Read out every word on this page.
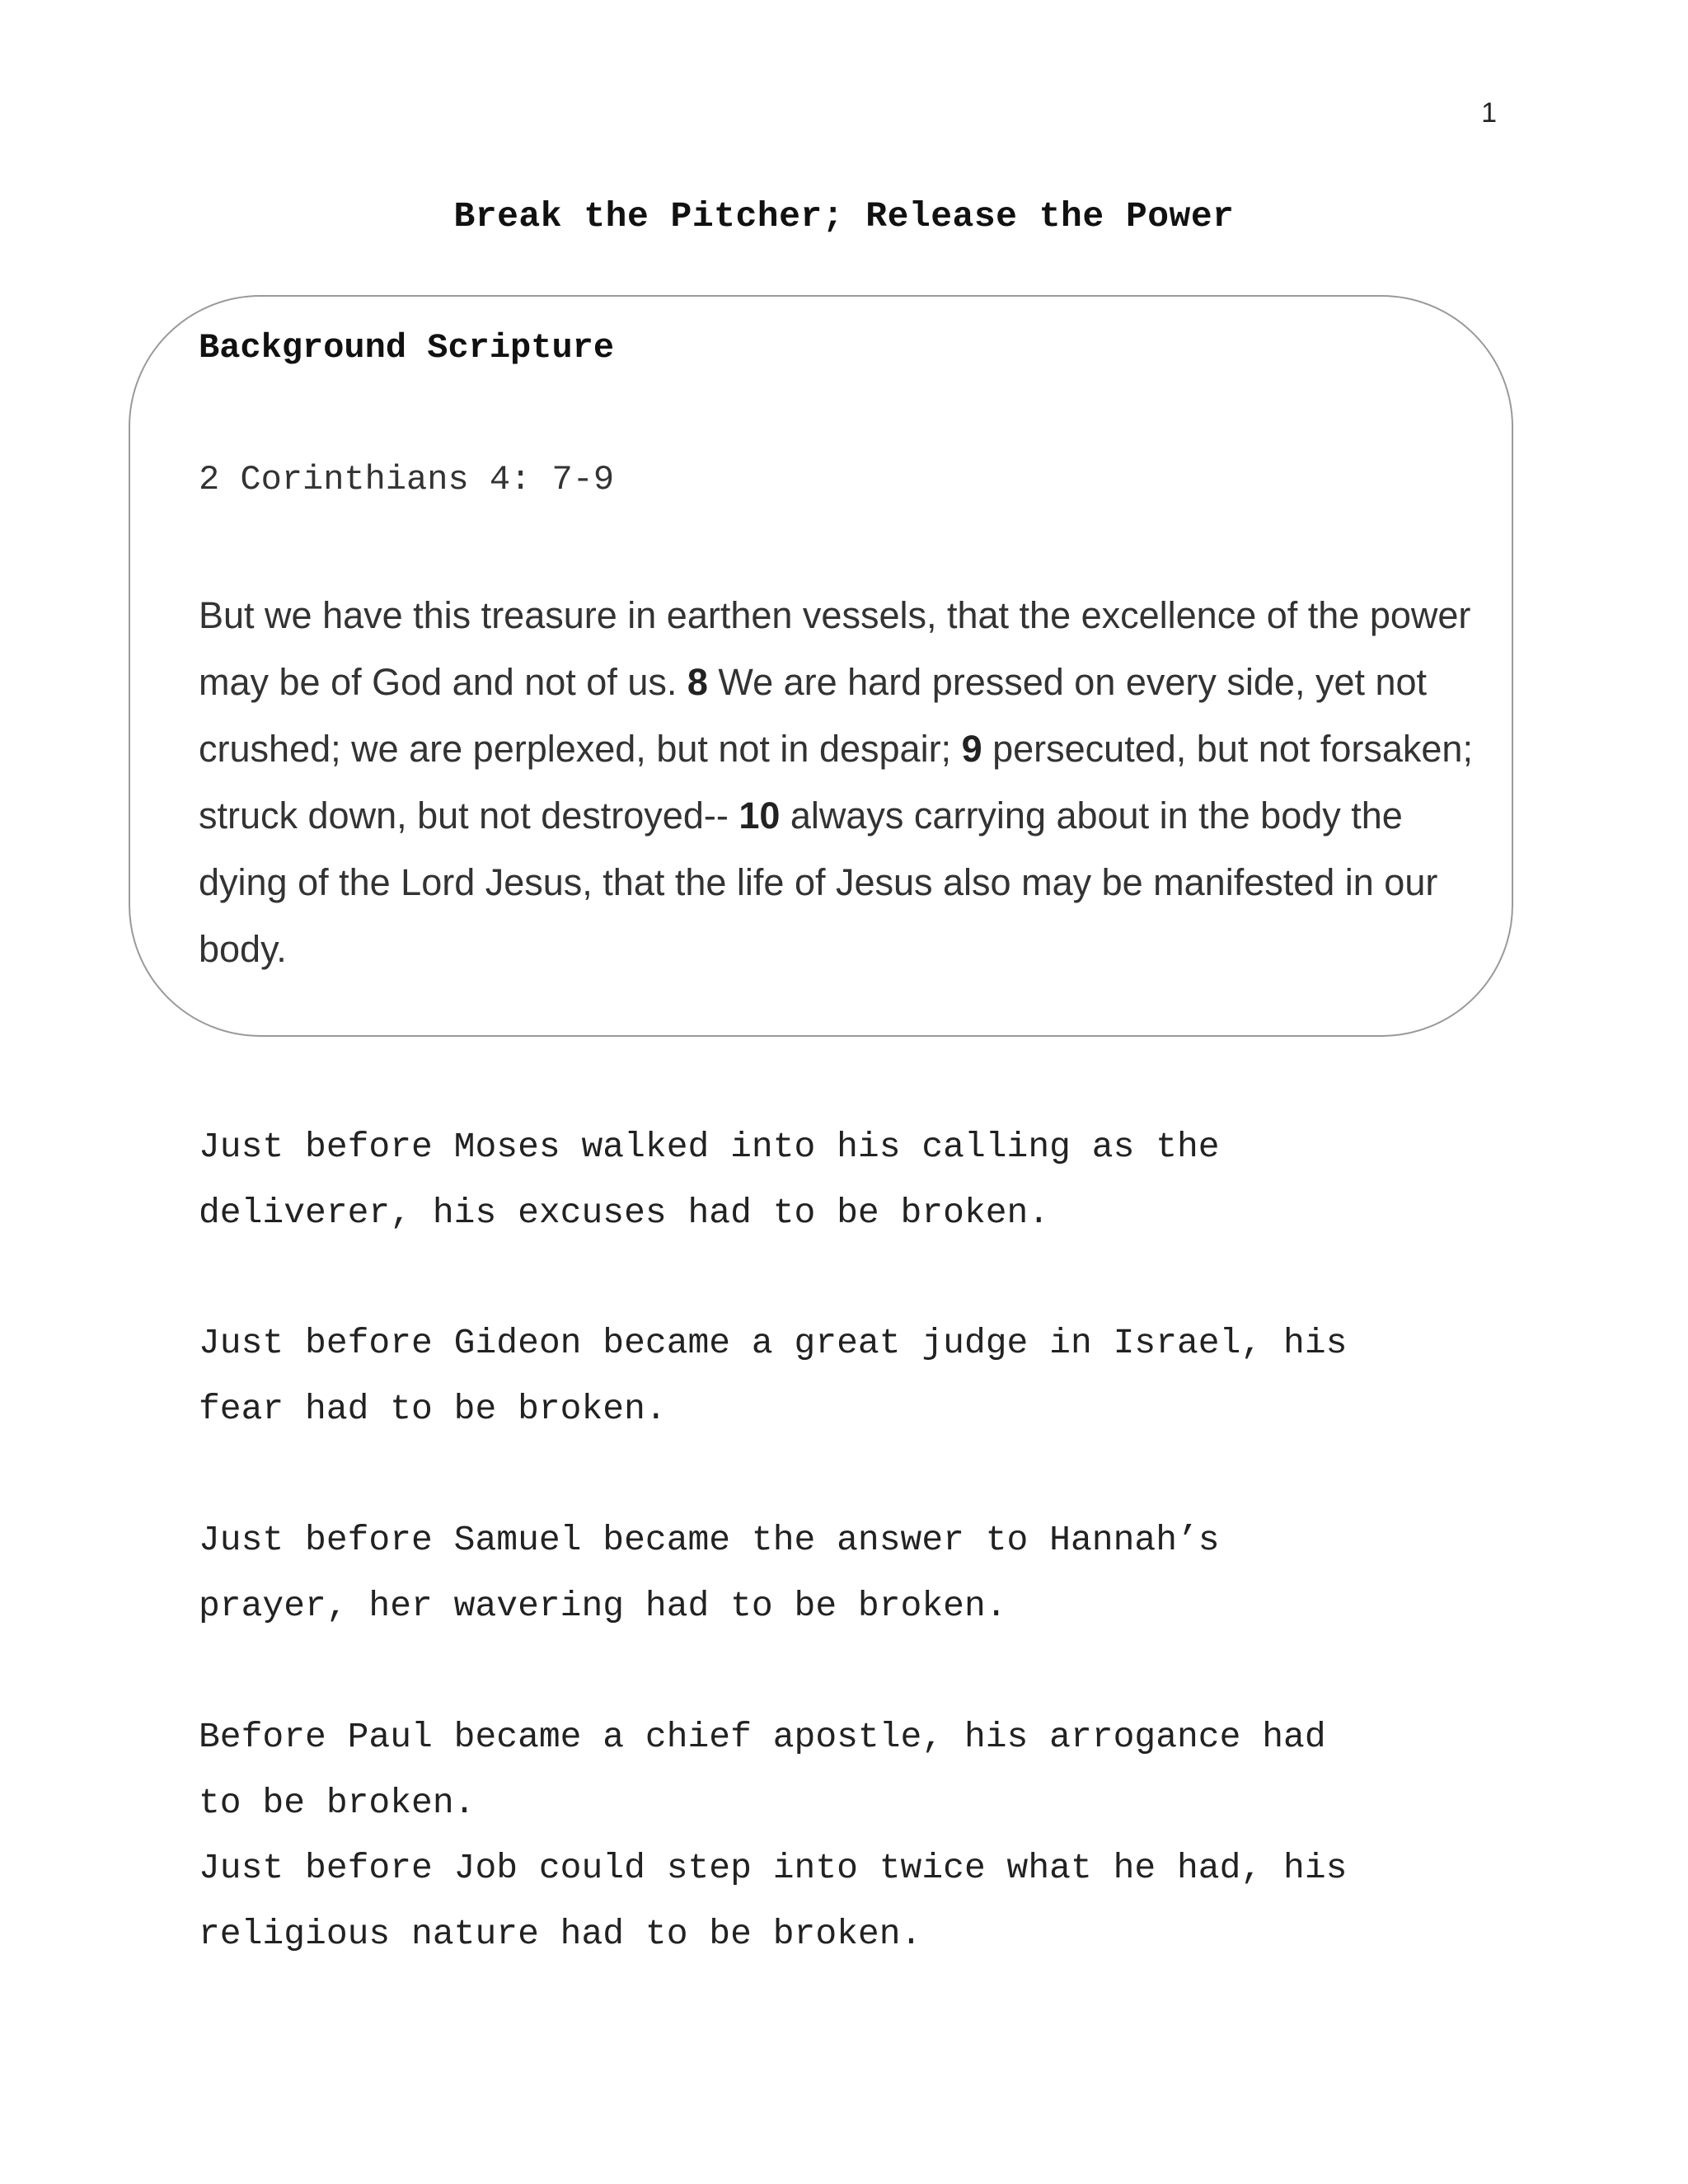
1
Break the Pitcher; Release the Power
Background Scripture
2 Corinthians 4: 7-9
But we have this treasure in earthen vessels, that the excellence of the power may be of God and not of us. 8 We are hard pressed on every side, yet not crushed; we are perplexed, but not in despair; 9 persecuted, but not forsaken; struck down, but not destroyed-- 10 always carrying about in the body the dying of the Lord Jesus, that the life of Jesus also may be manifested in our body.
Just before Moses walked into his calling as the
deliverer, his excuses had to be broken.
Just before Gideon became a great judge in Israel, his
fear had to be broken.
Just before Samuel became the answer to Hannah’s
prayer, her wavering had to be broken.
Before Paul became a chief apostle, his arrogance had
to be broken.
Just before Job could step into twice what he had, his
religious nature had to be broken.
